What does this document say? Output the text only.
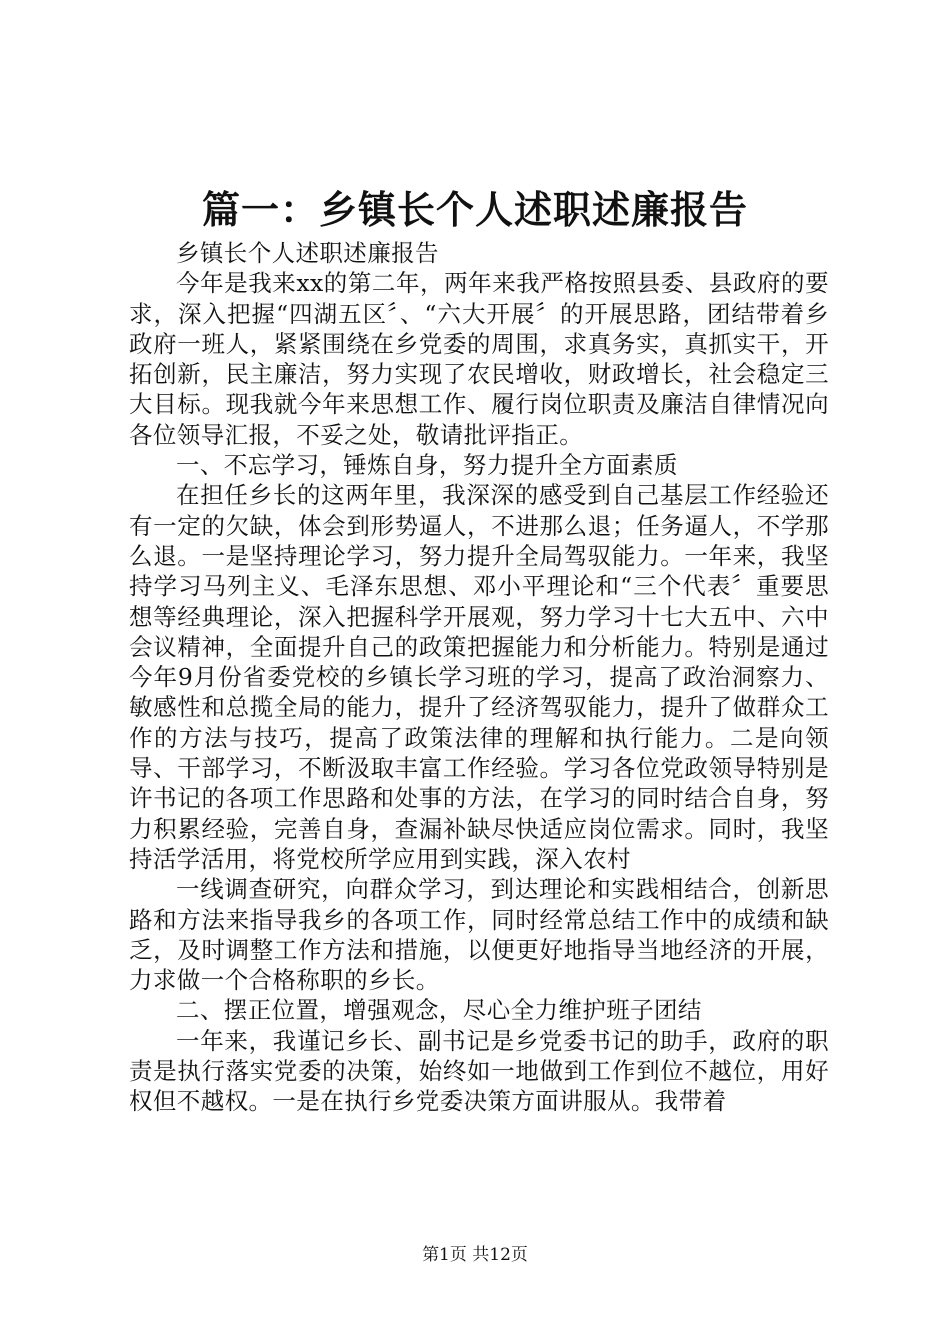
篇一：乡镇长个人述职述廉报告

乡镇长个人述职述廉报告

今年是我来xx的第二年，两年来我严格按照县委、县政府的要求，深入把握“四湖五区〞、“六大开展〞的开展思路，团结带着乡政府一班人，紧紧围绕在乡党委的周围，求真务实，真抓实干，开拓创新，民主廉洁，努力实现了农民增收，财政增长，社会稳定三大目标。现我就今年来思想工作、履行岗位职责及廉洁自律情况向各位领导汇报，不妥之处，敬请批评指正。

一、不忘学习，锤炼自身，努力提升全方面素质

在担任乡长的这两年里，我深深的感受到自己基层工作经验还有一定的欠缺，体会到形势逼人，不进那么退；任务逼人，不学那么退。一是坚持理论学习，努力提升全局驾驭能力。一年来，我坚持学习马列主义、毛泽东思想、邓小平理论和“三个代表〞重要思想等经典理论，深入把握科学开展观，努力学习十七大五中、六中会议精神，全面提升自己的政策把握能力和分析能力。特别是通过今年9月份省委党校的乡镇长学习班的学习，提高了政治洞察力、敏感性和总揽全局的能力，提升了经济驾驭能力，提升了做群众工作的方法与技巧，提高了政策法律的理解和执行能力。二是向领导、干部学习，不断汲取丰富工作经验。学习各位党政领导特别是许书记的各项工作思路和处事的方法，在学习的同时结合自身，努力积累经验，完善自身，查漏补缺尽快适应岗位需求。同时，我坚持活学活用，将党校所学应用到实践，深入农村

一线调查研究，向群众学习，到达理论和实践相结合，创新思路和方法来指导我乡的各项工作，同时经常总结工作中的成绩和缺乏，及时调整工作方法和措施，以便更好地指导当地经济的开展，力求做一个合格称职的乡长。

二、摆正位置，增强观念，尽心全力维护班子团结

一年来，我谨记乡长、副书记是乡党委书记的助手，政府的职责是执行落实党委的决策，始终如一地做到工作到位不越位，用好权但不越权。一是在执行乡党委决策方面讲服从。我带着

第1页 共12页
